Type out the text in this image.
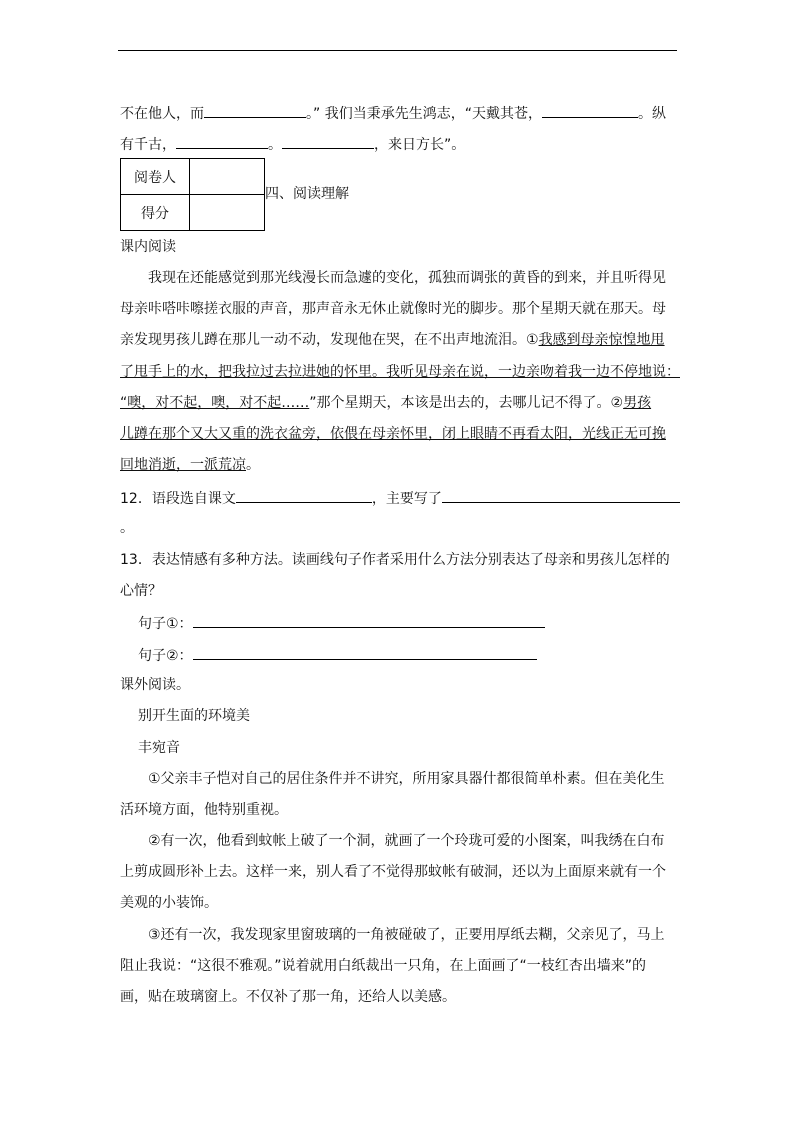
不在他人，而	。” 我们当秉承先生鸿志，“天戴其苍，	。纵
有千古，	。	，来日方长”。
阅卷人	
得分	
四、阅读理解
课内阅读
我现在还能感觉到那光线漫长而急遽的变化，孤独而调张的黄昏的到来，并且听得见
母亲咔嗒咔嚓搓衣服的声音，那声音永无休止就像时光的脚步。那个星期天就在那天。母
亲发现男孩儿蹲在那儿一动不动，发现他在哭，在不出声地流泪。①我感到母亲惊惶地甩
了甩手上的水，把我拉过去拉进她的怀里。我听见母亲在说，一边亲吻着我一边不停地说：
“噢，对不起，噢，对不起……”那个星期天，本该是出去的，去哪儿记不得了。②男孩
儿蹲在那个又大又重的洗衣盆旁，依偎在母亲怀里，闭上眼睛不再看太阳，光线正无可挽
回地消逝，一派荒凉。
12．语段选自课文	，主要写了
。
13．表达情感有多种方法。读画线句子作者采用什么方法分别表达了母亲和男孩儿怎样的
心情？
句子①：
句子②：
课外阅读。
别开生面的环境美
丰宛音
①父亲丰子恺对自己的居住条件并不讲究，所用家具器什都很简单朴素。但在美化生
活环境方面，他特别重视。
②有一次，他看到蚊帐上破了一个洞，就画了一个玲珑可爱的小图案，叫我绣在白布
上剪成圆形补上去。这样一来，别人看了不觉得那蚊帐有破洞，还以为上面原来就有一个
美观的小装饰。
③还有一次，我发现家里窗玻璃的一角被碰破了，正要用厚纸去糊，父亲见了，马上
阻止我说：“这很不雅观。”说着就用白纸裁出一只角，在上面画了“一枝红杏出墙来”的
画，贴在玻璃窗上。不仅补了那一角，还给人以美感。
